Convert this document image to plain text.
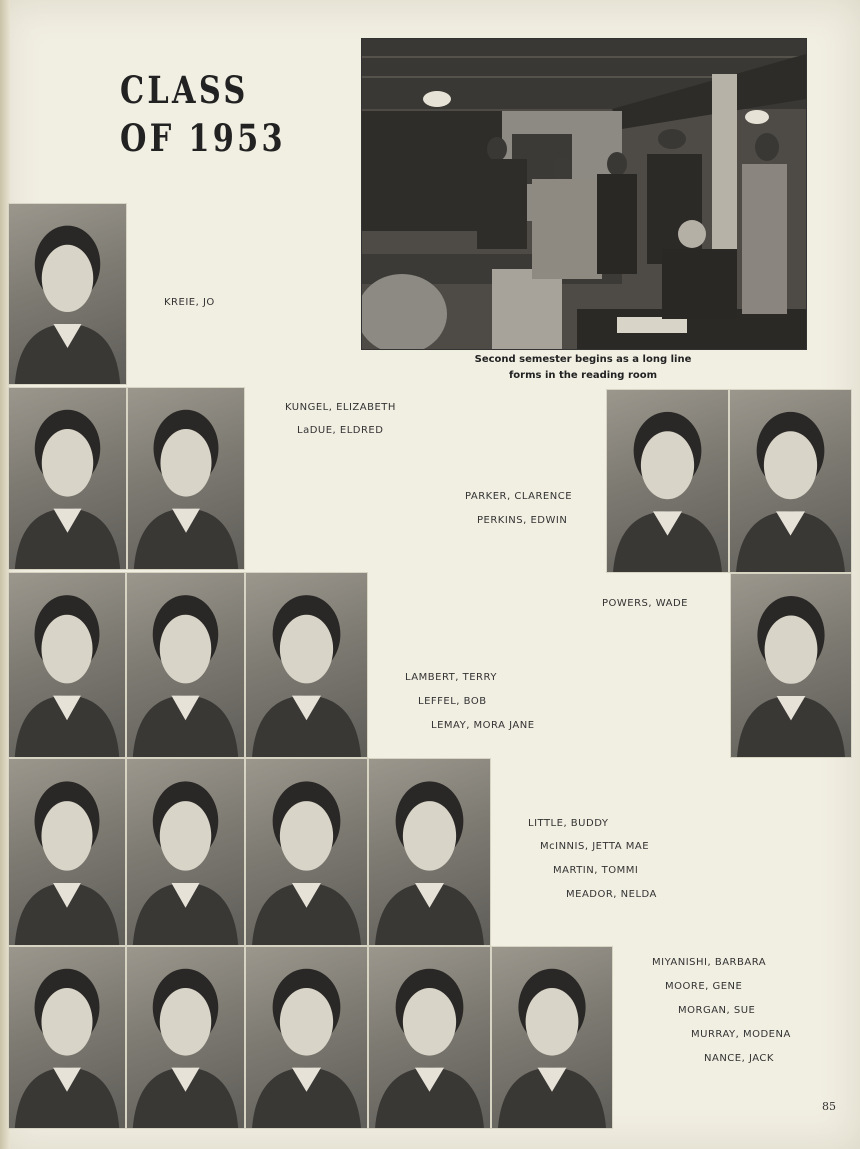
CLASS
OF 1953
Second semester begins as a long line
forms in the reading room
KREIE, JO
KUNGEL, ELIZABETH
LaDUE, ELDRED
PARKER, CLARENCE
PERKINS, EDWIN
POWERS, WADE
LAMBERT, TERRY
LEFFEL, BOB
LEMAY, MORA JANE
LITTLE, BUDDY
McINNIS, JETTA MAE
MARTIN, TOMMI
MEADOR, NELDA
MIYANISHI, BARBARA
MOORE, GENE
MORGAN, SUE
MURRAY, MODENA
NANCE, JACK
85
